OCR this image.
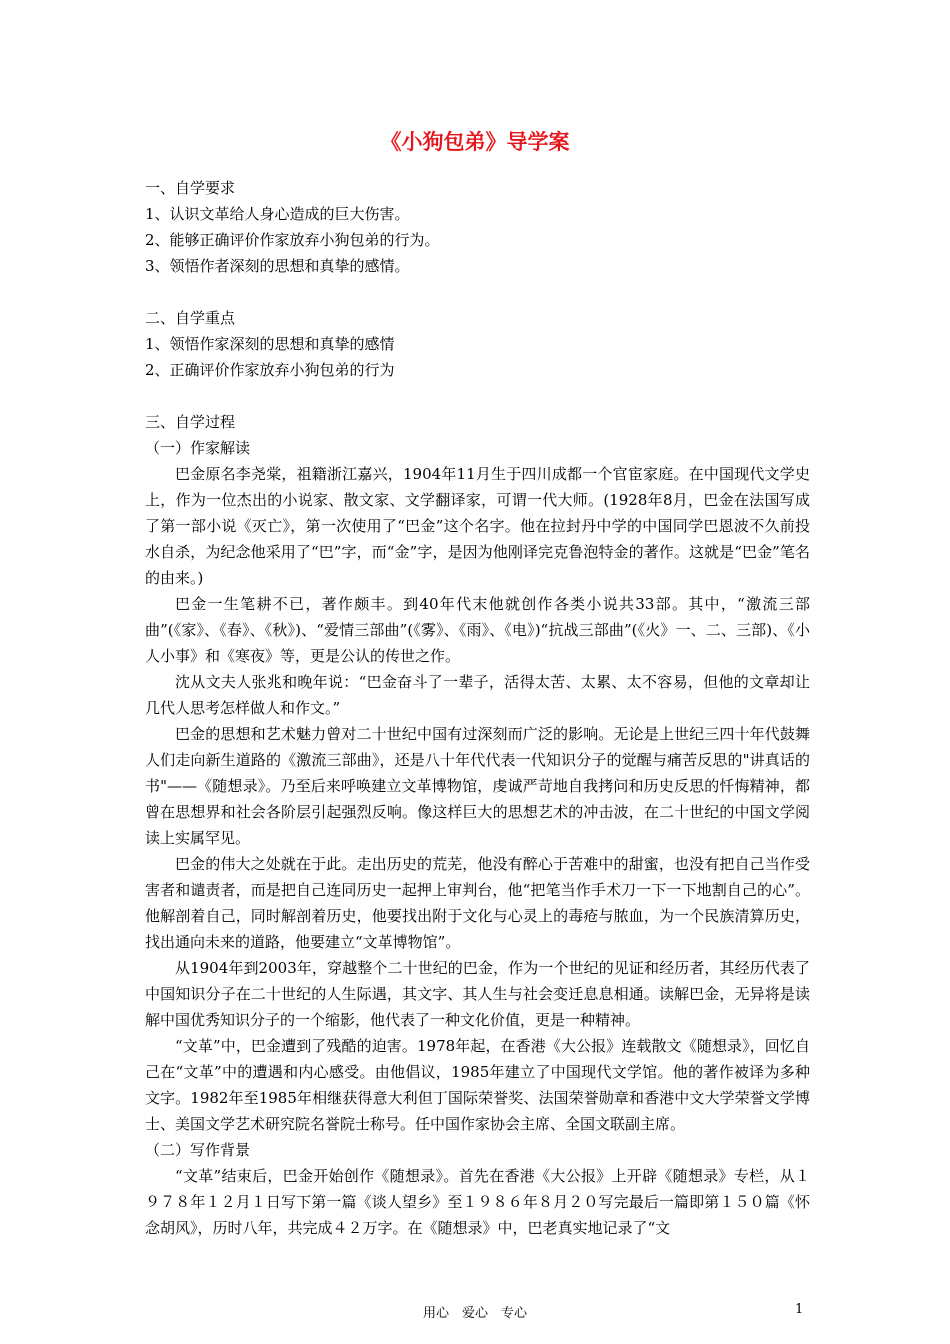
《小狗包弟》导学案

一、自学要求

1、认识文革给人身心造成的巨大伤害。

2、能够正确评价作家放弃小狗包弟的行为。

3、领悟作者深刻的思想和真挚的感情。

二、自学重点

1、领悟作家深刻的思想和真挚的感情

2、正确评价作家放弃小狗包弟的行为

三、自学过程

（一）作家解读

巴金原名李尧棠，祖籍浙江嘉兴，1904年11月生于四川成都一个官宦家庭。在中国现代文学史上，作为一位杰出的小说家、散文家、文学翻译家，可谓一代大师。(1928年8月，巴金在法国写成了第一部小说《灭亡》，第一次使用了“巴金”这个名字。他在拉封丹中学的中国同学巴恩波不久前投水自杀，为纪念他采用了“巴”字，而“金”字，是因为他刚译完克鲁泡特金的著作。这就是“巴金”笔名的由来。)

巴金一生笔耕不已，著作颇丰。到40年代末他就创作各类小说共33部。其中，“激流三部曲”(《家》、《春》、《秋》)、“爱情三部曲”(《雾》、《雨》、《电》)“抗战三部曲”(《火》一、二、三部)、《小人小事》和《寒夜》等，更是公认的传世之作。

沈从文夫人张兆和晚年说：“巴金奋斗了一辈子，活得太苦、太累、太不容易，但他的文章却让几代人思考怎样做人和作文。”

巴金的思想和艺术魅力曾对二十世纪中国有过深刻而广泛的影响。无论是上世纪三四十年代鼓舞人们走向新生道路的《激流三部曲》，还是八十年代代表一代知识分子的觉醒与痛苦反思的"讲真话的书"——《随想录》。乃至后来呼唤建立文革博物馆，虔诚严苛地自我拷问和历史反思的忏悔精神，都曾在思想界和社会各阶层引起强烈反响。像这样巨大的思想艺术的冲击波，在二十世纪的中国文学阅读上实属罕见。

巴金的伟大之处就在于此。走出历史的荒芜，他没有醉心于苦难中的甜蜜，也没有把自己当作受害者和谴责者，而是把自己连同历史一起押上审判台，他“把笔当作手术刀一下一下地割自己的心”。他解剖着自己，同时解剖着历史，他要找出附于文化与心灵上的毒疮与脓血，为一个民族清算历史，找出通向未来的道路，他要建立“文革博物馆”。

从1904年到2003年，穿越整个二十世纪的巴金，作为一个世纪的见证和经历者，其经历代表了中国知识分子在二十世纪的人生际遇，其文字、其人生与社会变迁息息相通。读解巴金，无异将是读解中国优秀知识分子的一个缩影，他代表了一种文化价值，更是一种精神。

“文革”中，巴金遭到了残酷的迫害。1978年起，在香港《大公报》连载散文《随想录》，回忆自己在“文革”中的遭遇和内心感受。由他倡议，1985年建立了中国现代文学馆。他的著作被译为多种文字。1982年至1985年相继获得意大利但丁国际荣誉奖、法国荣誉勋章和香港中文大学荣誉文学博士、美国文学艺术研究院名誉院士称号。任中国作家协会主席、全国文联副主席。

（二）写作背景

“文革”结束后，巴金开始创作《随想录》。首先在香港《大公报》上开辟《随想录》专栏，从１９７８年１２月１日写下第一篇《谈人望乡》至１９８６年８月２０写完最后一篇即第１５０篇《怀念胡风》，历时八年，共完成４２万字。在《随想录》中，巴老真实地记录了“文

用心　爱心　专心	1
